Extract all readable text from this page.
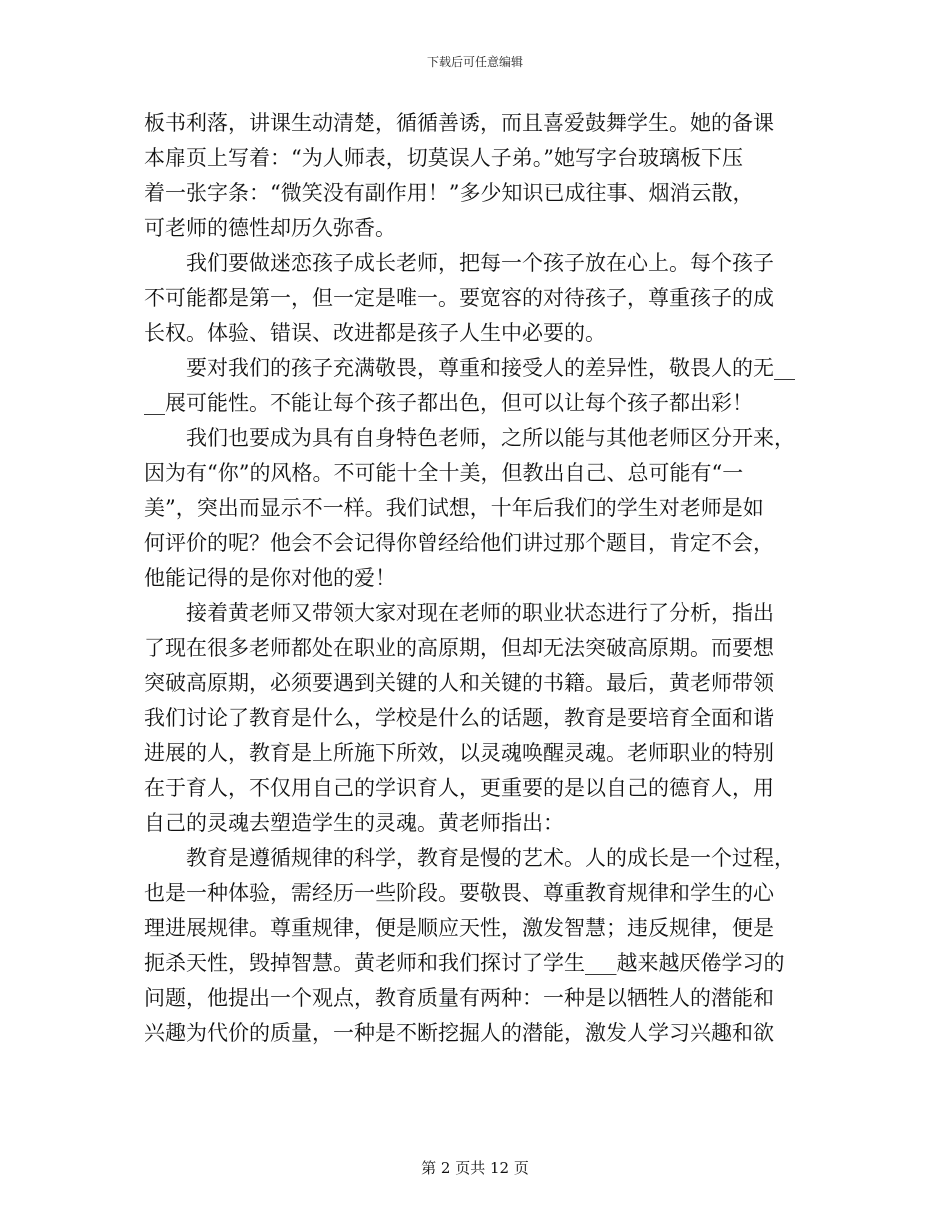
下载后可任意编辑
板书利落，讲课生动清楚，循循善诱，而且喜爱鼓舞学生。她的备课
本扉页上写着：“为人师表，切莫误人子弟。”她写字台玻璃板下压
着一张字条：“微笑没有副作用！”多少知识已成往事、烟消云散，
可老师的德性却历久弥香。
　　我们要做迷恋孩子成长老师，把每一个孩子放在心上。每个孩子
不可能都是第一，但一定是唯一。要宽容的对待孩子，尊重孩子的成
长权。体验、错误、改进都是孩子人生中必要的。
　　要对我们的孩子充满敬畏，尊重和接受人的差异性，敬畏人的无__
__展可能性。不能让每个孩子都出色，但可以让每个孩子都出彩！
　　我们也要成为具有自身特色老师，之所以能与其他老师区分开来，
因为有“你”的风格。不可能十全十美，但教出自己、总可能有“一
美”，突出而显示不一样。我们试想，十年后我们的学生对老师是如
何评价的呢？他会不会记得你曾经给他们讲过那个题目，肯定不会，
他能记得的是你对他的爱！
　　接着黄老师又带领大家对现在老师的职业状态进行了分析，指出
了现在很多老师都处在职业的高原期，但却无法突破高原期。而要想
突破高原期，必须要遇到关键的人和关键的书籍。最后，黄老师带领
我们讨论了教育是什么，学校是什么的话题，教育是要培育全面和谐
进展的人，教育是上所施下所效，以灵魂唤醒灵魂。老师职业的特别
在于育人，不仅用自己的学识育人，更重要的是以自己的德育人，用
自己的灵魂去塑造学生的灵魂。黄老师指出：
　　教育是遵循规律的科学，教育是慢的艺术。人的成长是一个过程，
也是一种体验，需经历一些阶段。要敬畏、尊重教育规律和学生的心
理进展规律。尊重规律，便是顺应天性，激发智慧；违反规律，便是
扼杀天性，毁掉智慧。黄老师和我们探讨了学生___越来越厌倦学习的
问题，他提出一个观点，教育质量有两种：一种是以牺牲人的潜能和
兴趣为代价的质量，一种是不断挖掘人的潜能，激发人学习兴趣和欲
第 2 页共 12 页
